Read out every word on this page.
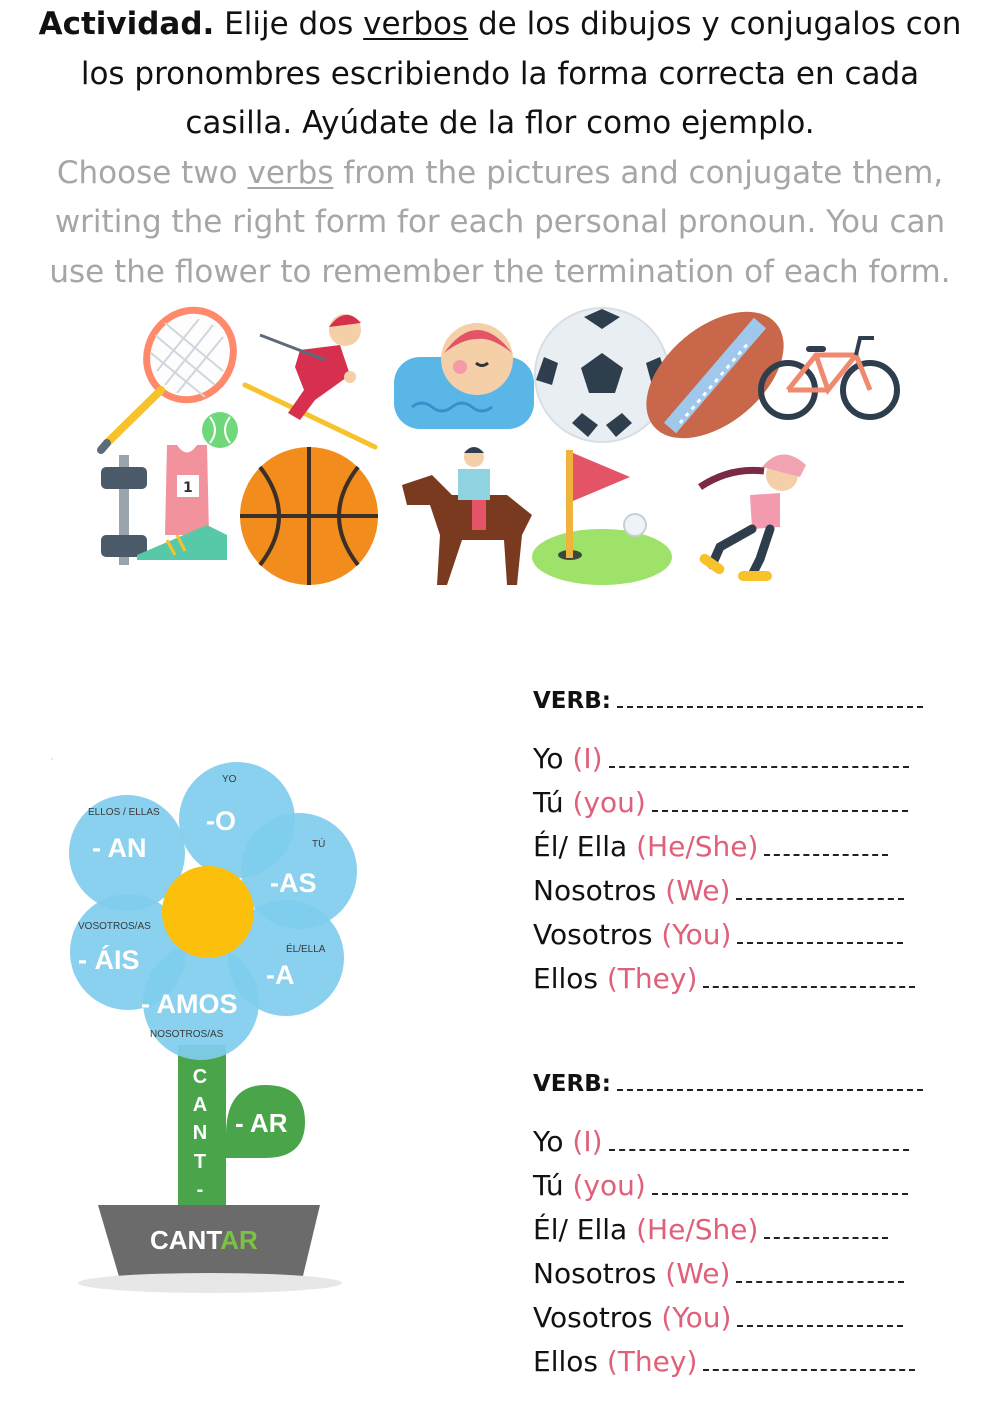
Actividad. Elije dos verbos de los dibujos y conjugalos con
los pronombres escribiendo la forma correcta en cada
casilla. Ayúdate de la flor como ejemplo.
Choose two verbs from the pictures and conjugate them,
writing the right form for each personal pronoun. You can
use the flower to remember the termination of each form.
1
YO
TÚ
ÉL/ELLA
NOSOTROS/AS
VOSOTROS/AS
ELLOS / ELLAS -O
-AS
-A
- AMOS
- ÁIS
- AN
C
A
N
T
-
- AR
CANTAR
VERB:
Yo (I)
Tú (you)
Él/ Ella (He/She)
Nosotros (We)
Vosotros (You)
Ellos (They)
VERB:
Yo (I)
Tú (you)
Él/ Ella (He/She)
Nosotros (We)
Vosotros (You)
Ellos (They)
